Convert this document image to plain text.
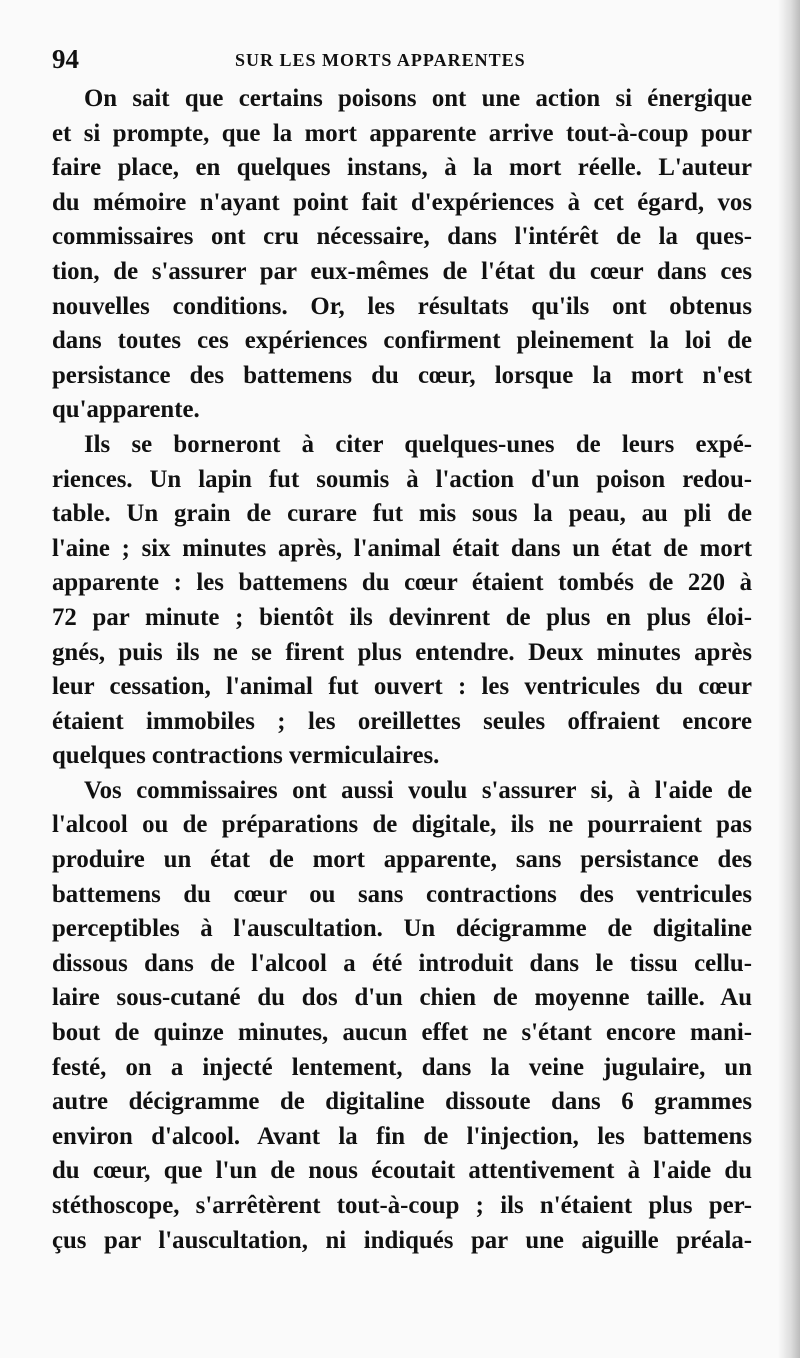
94	SUR LES MORTS APPARENTES
On sait que certains poisons ont une action si énergique
et si prompte, que la mort apparente arrive tout-à-coup pour
faire place, en quelques instans, à la mort réelle. L'auteur
du mémoire n'ayant point fait d'expériences à cet égard, vos
commissaires ont cru nécessaire, dans l'intérêt de la ques-
tion, de s'assurer par eux-mêmes de l'état du cœur dans ces
nouvelles conditions. Or, les résultats qu'ils ont obtenus
dans toutes ces expériences confirment pleinement la loi de
persistance des battemens du cœur, lorsque la mort n'est
qu'apparente.
Ils se borneront à citer quelques-unes de leurs expé-
riences. Un lapin fut soumis à l'action d'un poison redou-
table. Un grain de curare fut mis sous la peau, au pli de
l'aine ; six minutes après, l'animal était dans un état de mort
apparente : les battemens du cœur étaient tombés de 220 à
72 par minute ; bientôt ils devinrent de plus en plus éloi-
gnés, puis ils ne se firent plus entendre. Deux minutes après
leur cessation, l'animal fut ouvert : les ventricules du cœur
étaient immobiles ; les oreillettes seules offraient encore
quelques contractions vermiculaires.
Vos commissaires ont aussi voulu s'assurer si, à l'aide de
l'alcool ou de préparations de digitale, ils ne pourraient pas
produire un état de mort apparente, sans persistance des
battemens du cœur ou sans contractions des ventricules
perceptibles à l'auscultation. Un décigramme de digitaline
dissous dans de l'alcool a été introduit dans le tissu cellu-
laire sous-cutané du dos d'un chien de moyenne taille. Au
bout de quinze minutes, aucun effet ne s'étant encore mani-
festé, on a injecté lentement, dans la veine jugulaire, un
autre décigramme de digitaline dissoute dans 6 grammes
environ d'alcool. Avant la fin de l'injection, les battemens
du cœur, que l'un de nous écoutait attentivement à l'aide du
stéthoscope, s'arrêtèrent tout-à-coup ; ils n'étaient plus per-
çus par l'auscultation, ni indiqués par une aiguille préala-
